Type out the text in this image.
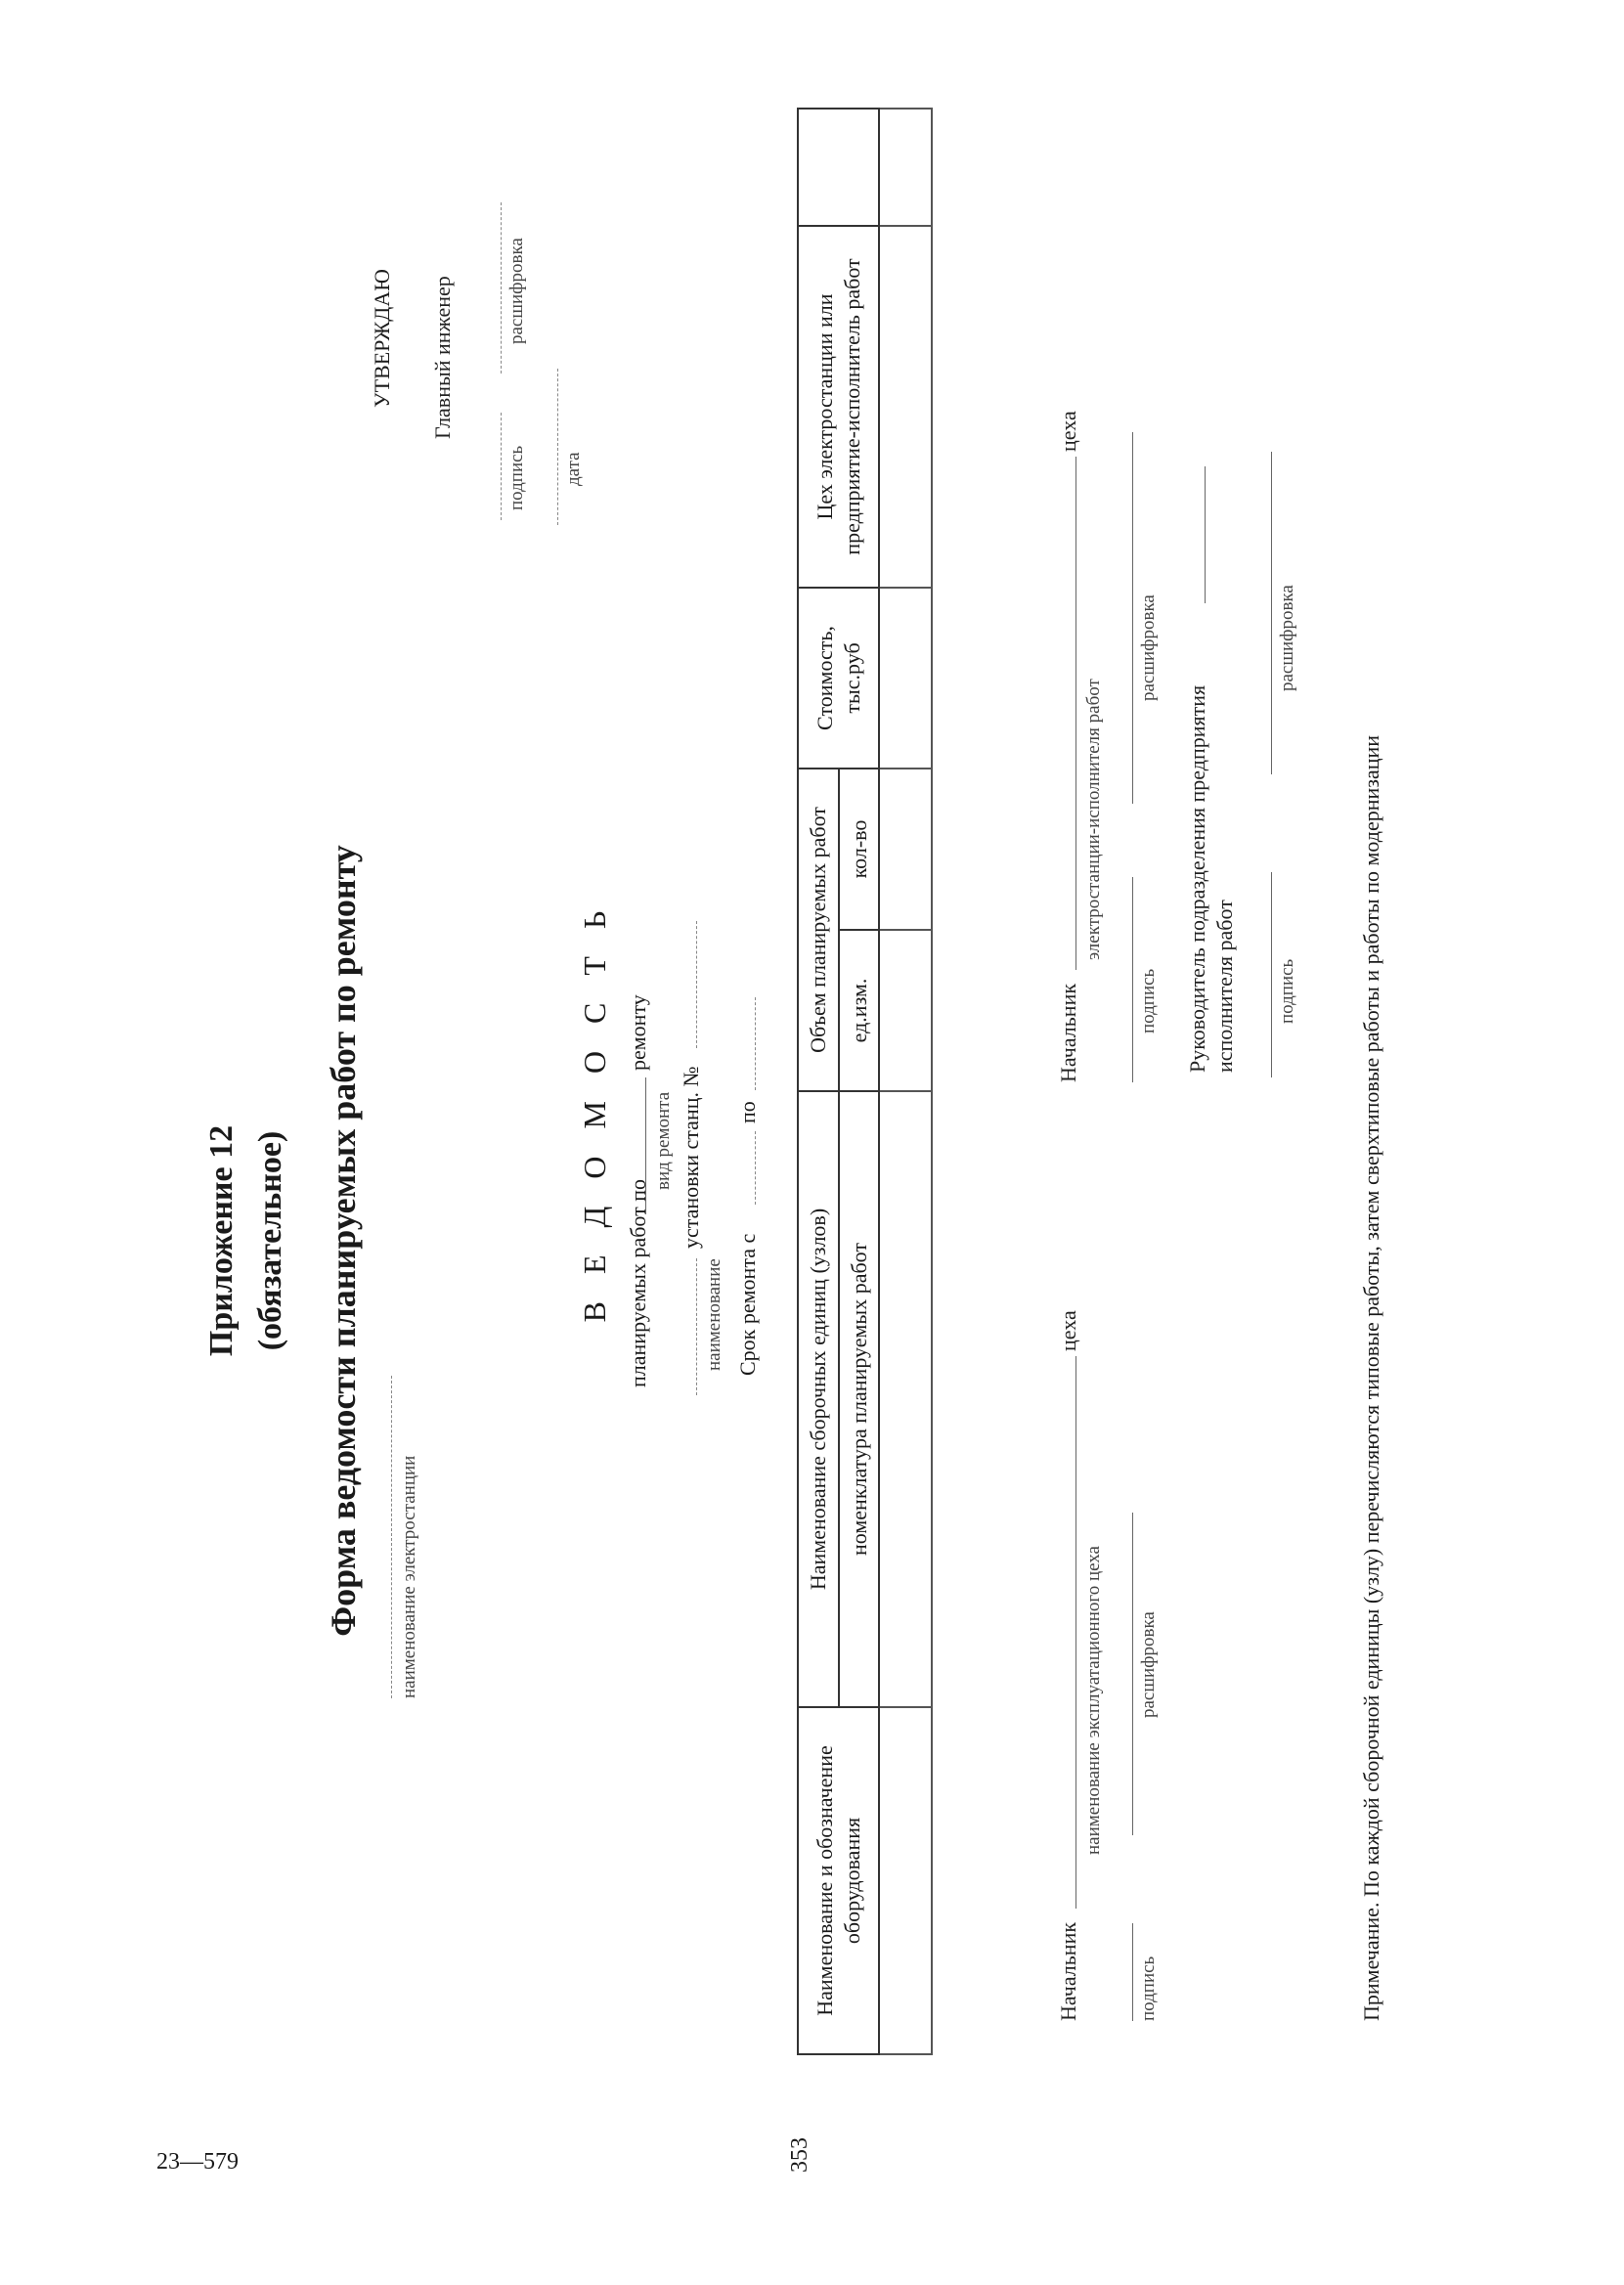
Приложение 12 (обязательное) Форма ведомости планируемых работ по ремонту
УТВЕРЖДАЮ Главный инженер
подпись
расшифровка
дата
наименование электростанции
В Е Д О М О С Т Ь планируемых работ по
ремонту
вид ремонта установки станц. №
наименование Срок ремонта с
по
Наименование и обозначение оборудования	Наименование сборочных единиц (узлов)	Объем планируемых работ		Стоимость, тыс.руб	Цех электростанции или предприятие-исполнитель работ	
	номенклатура планируемых работ	ед.изм.	кол-во			

Начальник
цеха
наименование эксплуатационного цеха
подпись
расшифровка
Начальник
цеха
электростанции-исполнителя работ
подпись
расшифровка
Руководитель подразделения предприятия исполнителя работ подпись
расшифровка
Примечание. По каждой сборочной единицы (узлу) перечисляются типовые работы, затем сверхтиповые работы и работы по модернизации
353
23—579
